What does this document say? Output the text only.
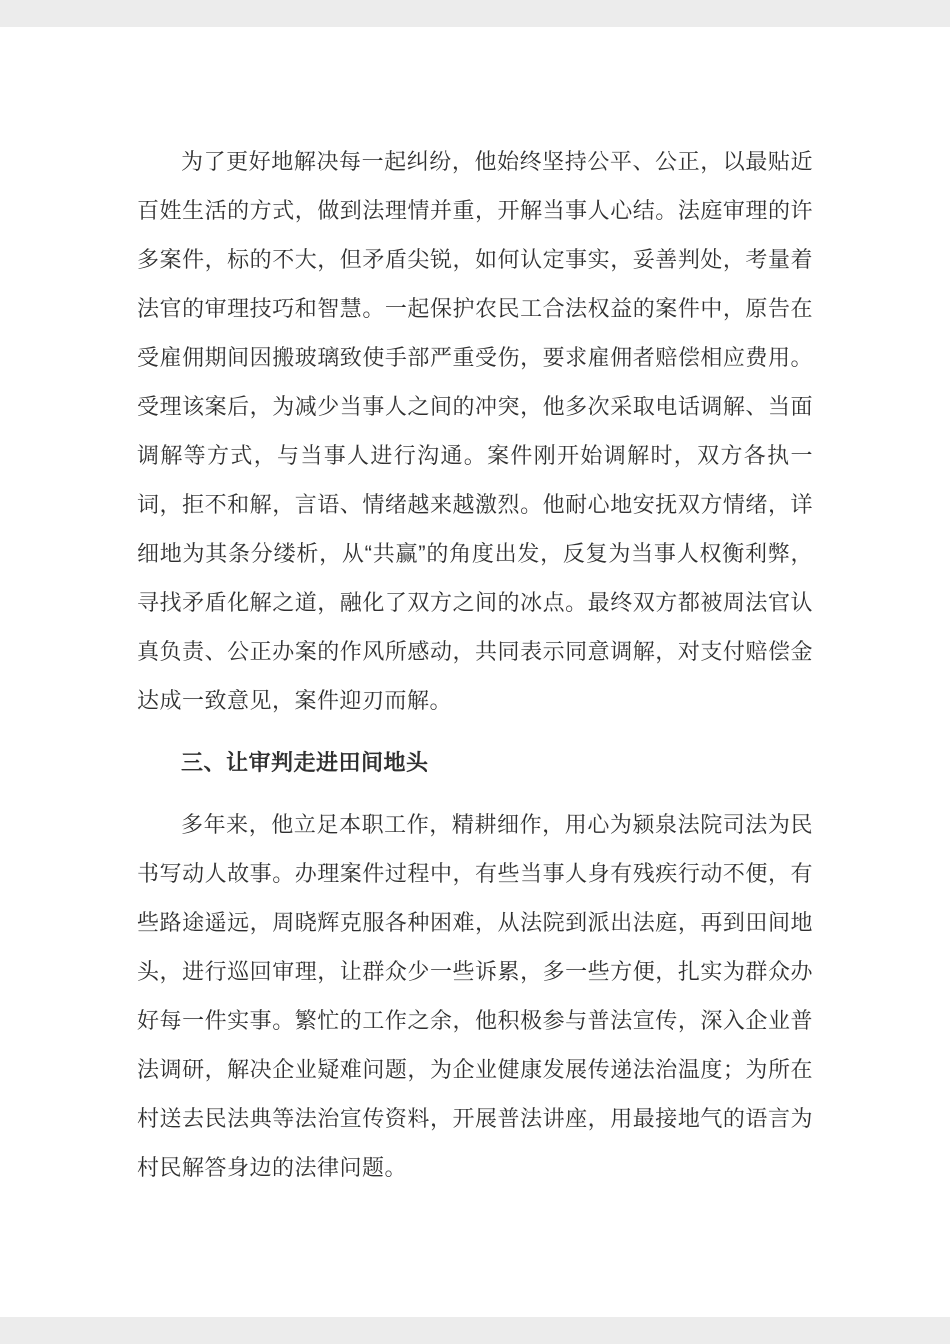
为了更好地解决每一起纠纷，他始终坚持公平、公正，以最贴近百姓生活的方式，做到法理情并重，开解当事人心结。法庭审理的许多案件，标的不大，但矛盾尖锐，如何认定事实，妥善判处，考量着法官的审理技巧和智慧。一起保护农民工合法权益的案件中，原告在受雇佣期间因搬玻璃致使手部严重受伤，要求雇佣者赔偿相应费用。受理该案后，为减少当事人之间的冲突，他多次采取电话调解、当面调解等方式，与当事人进行沟通。案件刚开始调解时，双方各执一词，拒不和解，言语、情绪越来越激烈。他耐心地安抚双方情绪，详细地为其条分缕析，从“共赢”的角度出发，反复为当事人权衡利弊，寻找矛盾化解之道，融化了双方之间的冰点。最终双方都被周法官认真负责、公正办案的作风所感动，共同表示同意调解，对支付赔偿金达成一致意见，案件迎刃而解。

三、让审判走进田间地头

多年来，他立足本职工作，精耕细作，用心为颍泉法院司法为民书写动人故事。办理案件过程中，有些当事人身有残疾行动不便，有些路途遥远，周晓辉克服各种困难，从法院到派出法庭，再到田间地头，进行巡回审理，让群众少一些诉累，多一些方便，扎实为群众办好每一件实事。繁忙的工作之余，他积极参与普法宣传，深入企业普法调研，解决企业疑难问题，为企业健康发展传递法治温度；为所在村送去民法典等法治宣传资料，开展普法讲座，用最接地气的语言为村民解答身边的法律问题。
